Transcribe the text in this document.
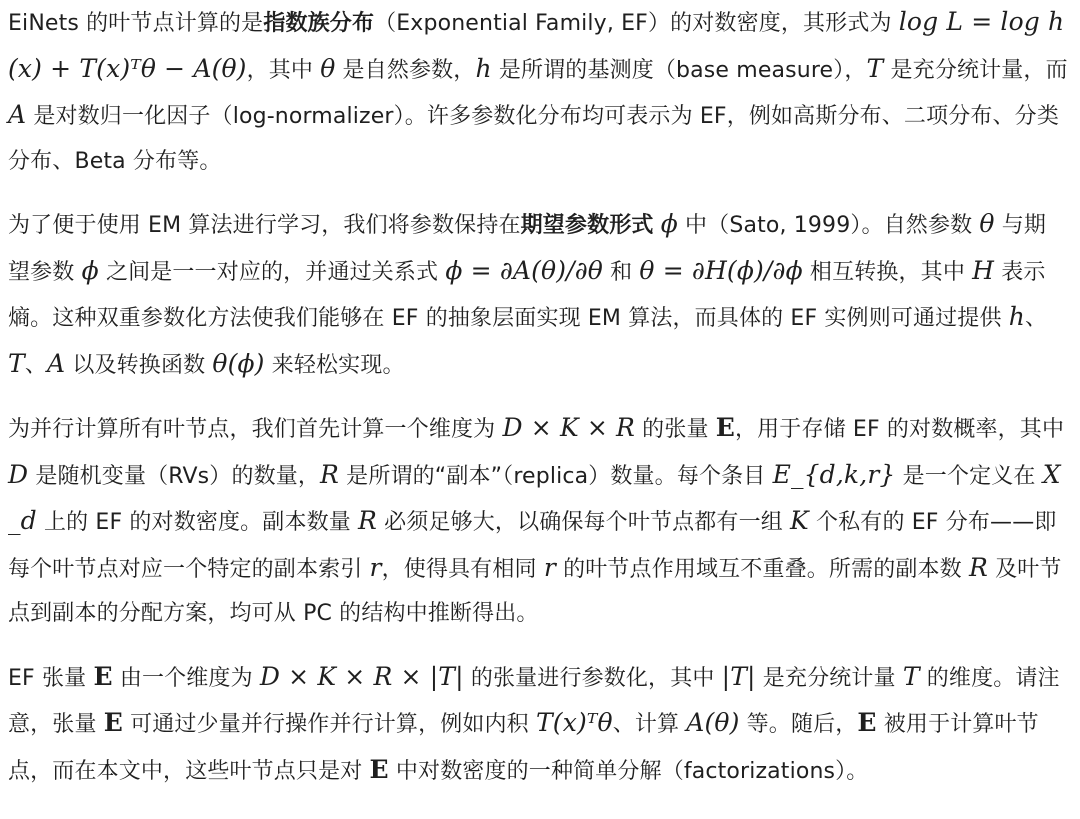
EiNets 的叶节点计算的是指数族分布（Exponential Family, EF）的对数密度，其形式为 log L = log h(x) + T(x)ᵀθ − A(θ)，其中 θ 是自然参数，h 是所谓的基测度（base measure），T 是充分统计量，而 A 是对数归一化因子（log-normalizer）。许多参数化分布均可表示为 EF，例如高斯分布、二项分布、分类分布、Beta 分布等。

为了便于使用 EM 算法进行学习，我们将参数保持在期望参数形式 ϕ 中（Sato, 1999）。自然参数 θ 与期望参数 ϕ 之间是一一对应的，并通过关系式 ϕ = ∂A(θ)/∂θ 和 θ = ∂H(ϕ)/∂ϕ 相互转换，其中 H 表示熵。这种双重参数化方法使我们能够在 EF 的抽象层面实现 EM 算法，而具体的 EF 实例则可通过提供 h、T、A 以及转换函数 θ(ϕ) 来轻松实现。

为并行计算所有叶节点，我们首先计算一个维度为 D × K × R 的张量 E，用于存储 EF 的对数概率，其中 D 是随机变量（RVs）的数量，R 是所谓的“副本”（replica）数量。每个条目 E_{d,k,r} 是一个定义在 X_d 上的 EF 的对数密度。副本数量 R 必须足够大，以确保每个叶节点都有一组 K 个私有的 EF 分布——即每个叶节点对应一个特定的副本索引 r，使得具有相同 r 的叶节点作用域互不重叠。所需的副本数 R 及叶节点到副本的分配方案，均可从 PC 的结构中推断得出。

EF 张量 E 由一个维度为 D × K × R × |T| 的张量进行参数化，其中 |T| 是充分统计量 T 的维度。请注意，张量 E 可通过少量并行操作并行计算，例如内积 T(x)ᵀθ、计算 A(θ) 等。随后，E 被用于计算叶节点，而在本文中，这些叶节点只是对 E 中对数密度的一种简单分解（factorizations）。
